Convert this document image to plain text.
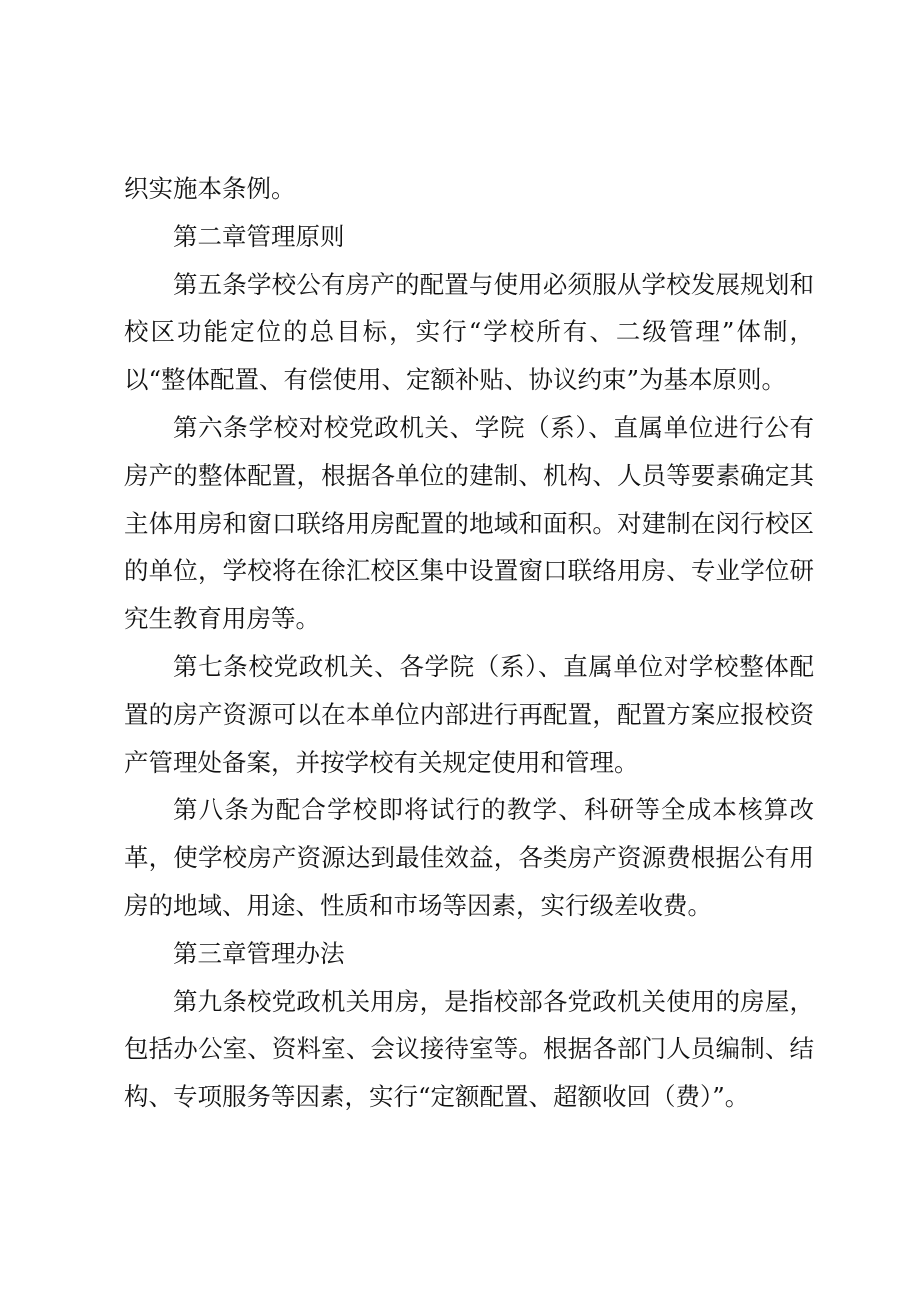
织实施本条例。

第二章管理原则

第五条学校公有房产的配置与使用必须服从学校发展规划和校区功能定位的总目标，实行“学校所有、二级管理”体制，以“整体配置、有偿使用、定额补贴、协议约束”为基本原则。

第六条学校对校党政机关、学院（系）、直属单位进行公有房产的整体配置，根据各单位的建制、机构、人员等要素确定其主体用房和窗口联络用房配置的地域和面积。对建制在闵行校区的单位，学校将在徐汇校区集中设置窗口联络用房、专业学位研究生教育用房等。

第七条校党政机关、各学院（系）、直属单位对学校整体配置的房产资源可以在本单位内部进行再配置，配置方案应报校资产管理处备案，并按学校有关规定使用和管理。

第八条为配合学校即将试行的教学、科研等全成本核算改革，使学校房产资源达到最佳效益，各类房产资源费根据公有用房的地域、用途、性质和市场等因素，实行级差收费。

第三章管理办法

第九条校党政机关用房，是指校部各党政机关使用的房屋，包括办公室、资料室、会议接待室等。根据各部门人员编制、结构、专项服务等因素，实行“定额配置、超额收回（费）”。
